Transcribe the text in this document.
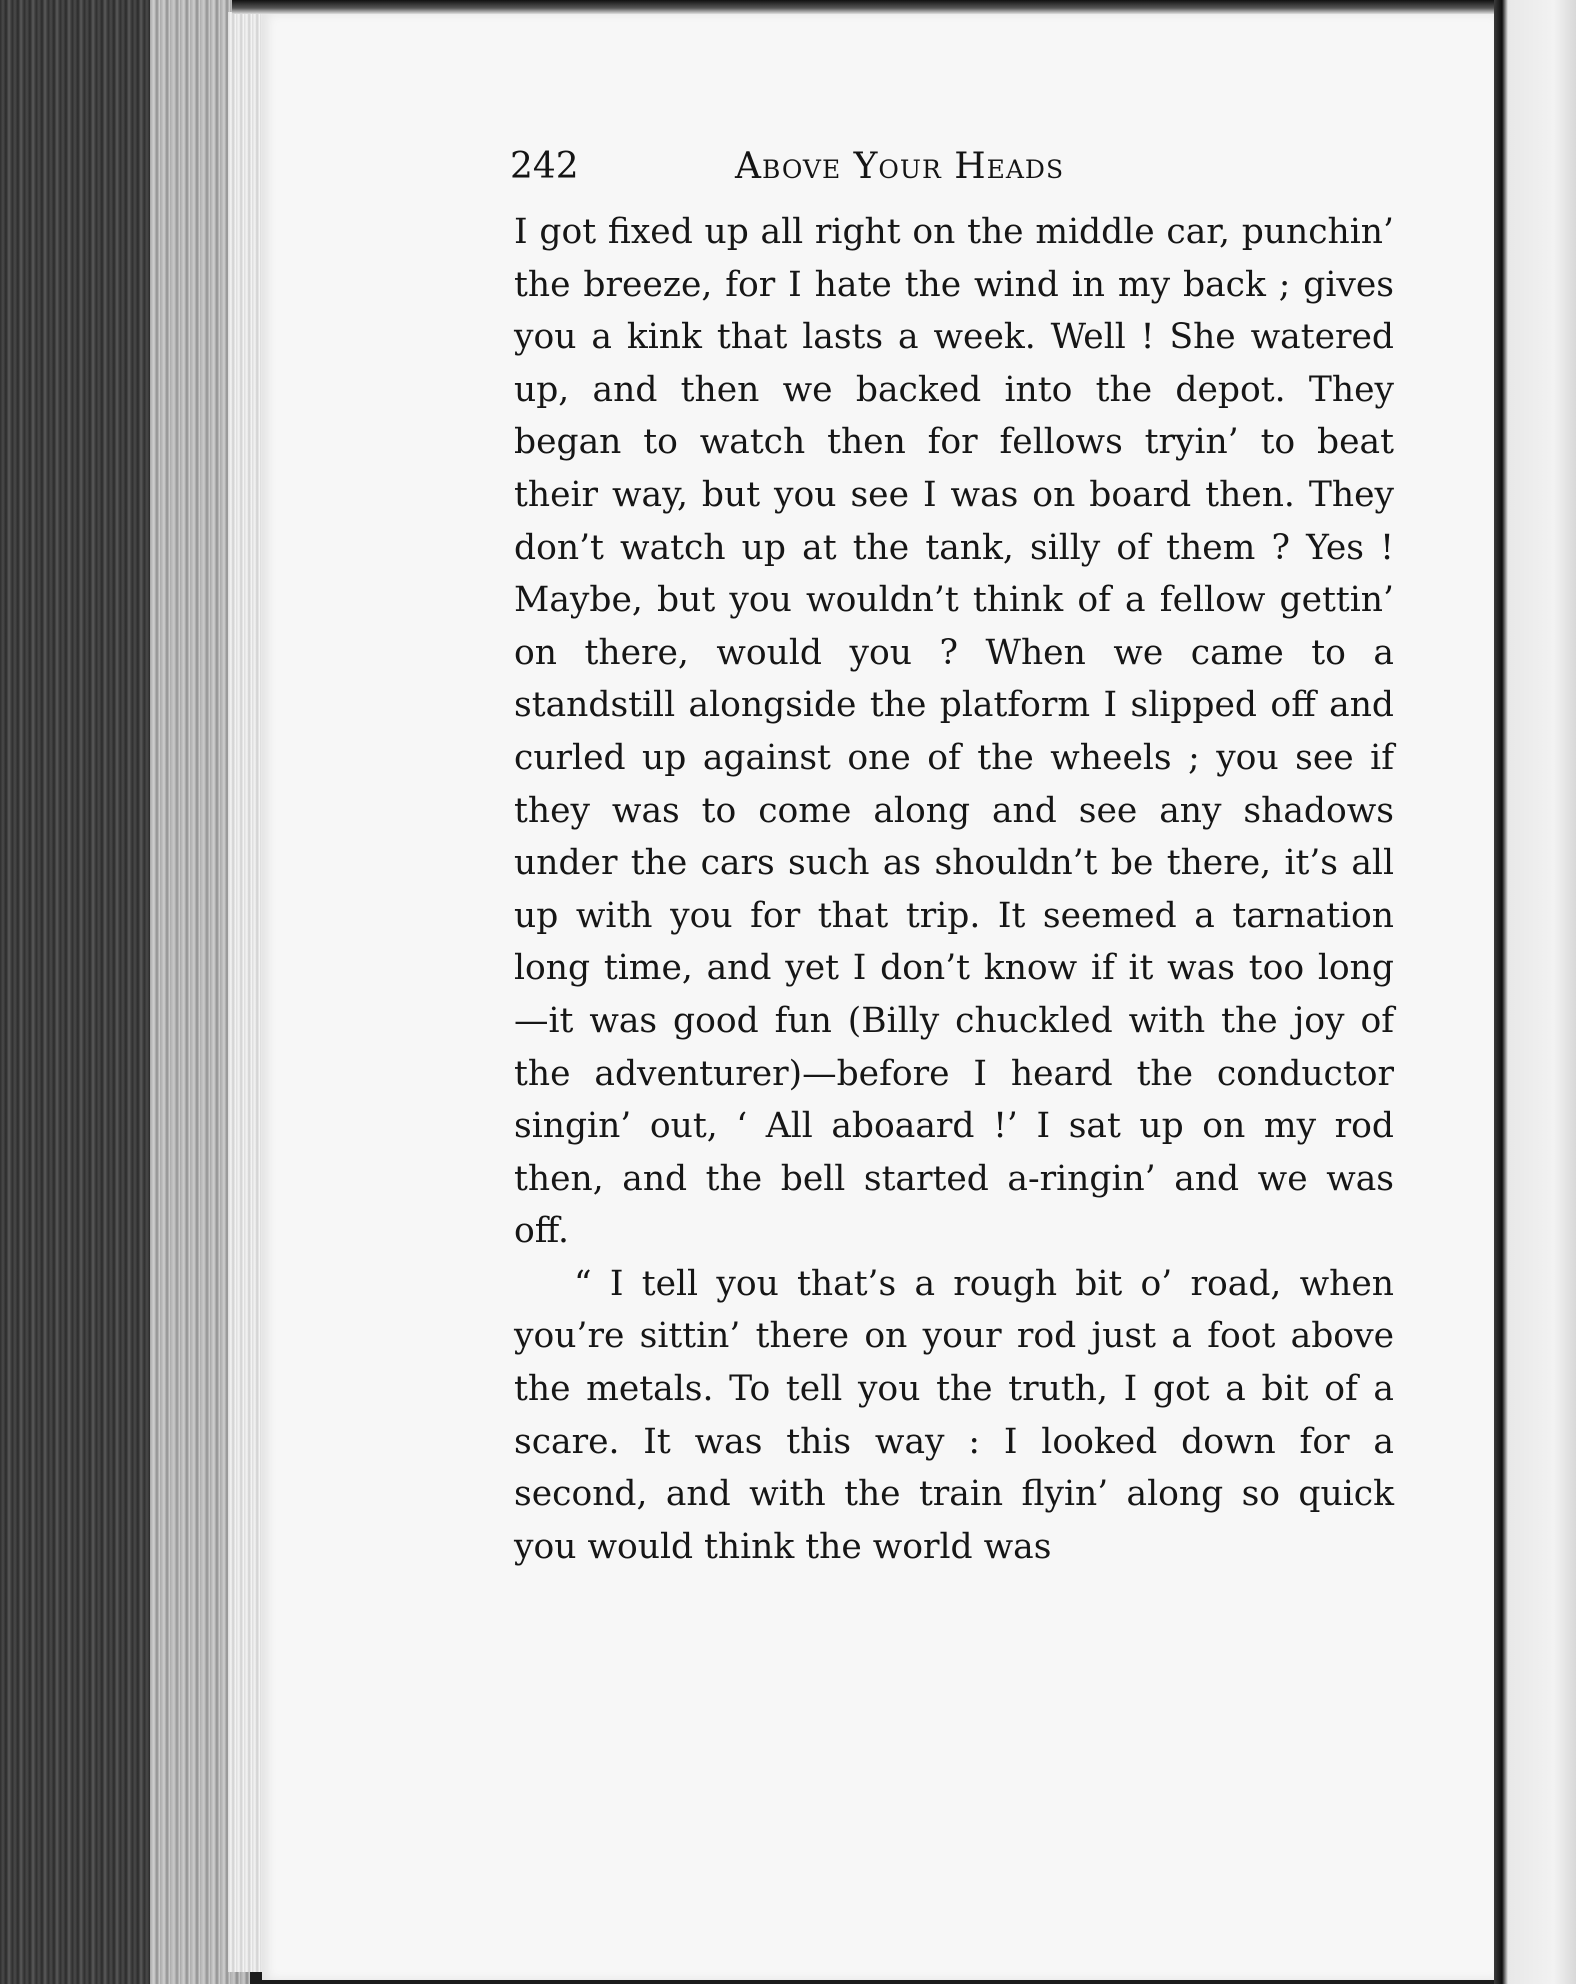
242	Above Your Heads

I got fixed up all right on the middle car, punchin’ the breeze, for I hate the wind in my back ; gives you a kink that lasts a week. Well ! She watered up, and then we backed into the depot. They began to watch then for fellows tryin’ to beat their way, but you see I was on board then. They don’t watch up at the tank, silly of them ? Yes ! Maybe, but you wouldn’t think of a fellow gettin’ on there, would you ? When we came to a standstill alongside the platform I slipped off and curled up against one of the wheels ; you see if they was to come along and see any shadows under the cars such as shouldn’t be there, it’s all up with you for that trip. It seemed a tarnation long time, and yet I don’t know if it was too long—it was good fun (Billy chuckled with the joy of the adventurer)—before I heard the conductor singin’ out, ‘ All aboaard !’ I sat up on my rod then, and the bell started a-ringin’ and we was off.

“ I tell you that’s a rough bit o’ road, when you’re sittin’ there on your rod just a foot above the metals. To tell you the truth, I got a bit of a scare. It was this way : I looked down for a second, and with the train flyin’ along so quick you would think the world was
